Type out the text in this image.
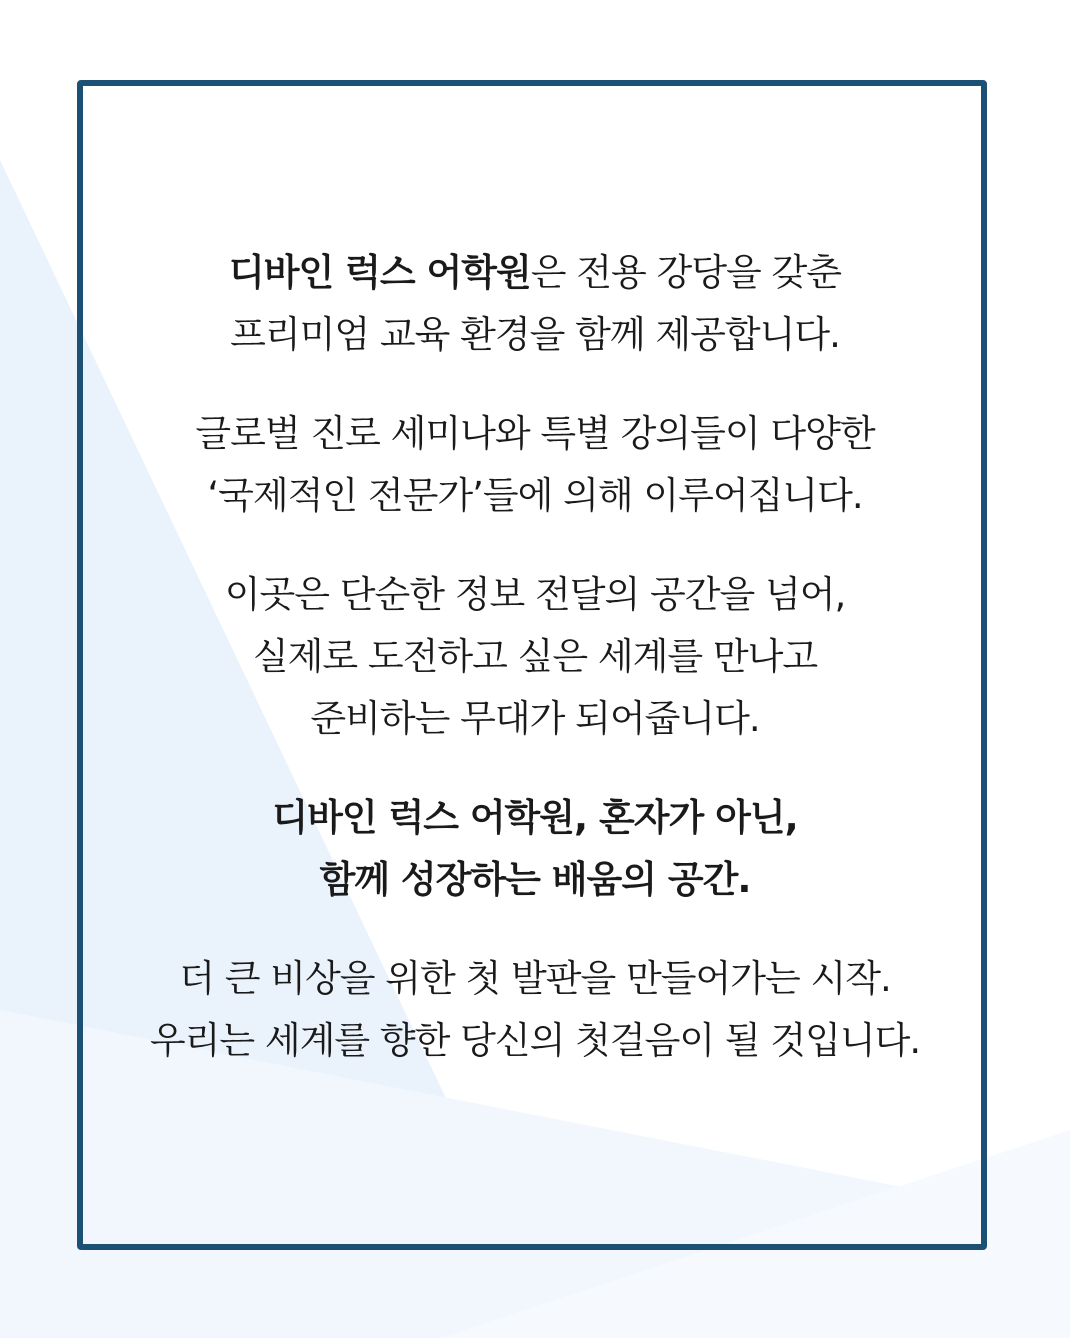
디바인 럭스 어학원은 전용 강당을 갖춘
프리미엄 교육 환경을 함께 제공합니다.
글로벌 진로 세미나와 특별 강의들이 다양한
‘국제적인 전문가’들에 의해 이루어집니다.
이곳은 단순한 정보 전달의 공간을 넘어,
실제로 도전하고 싶은 세계를 만나고
준비하는 무대가 되어줍니다.
디바인 럭스 어학원, 혼자가 아닌,
함께 성장하는 배움의 공간.
더 큰 비상을 위한 첫 발판을 만들어가는 시작.
우리는 세계를 향한 당신의 첫걸음이 될 것입니다.
